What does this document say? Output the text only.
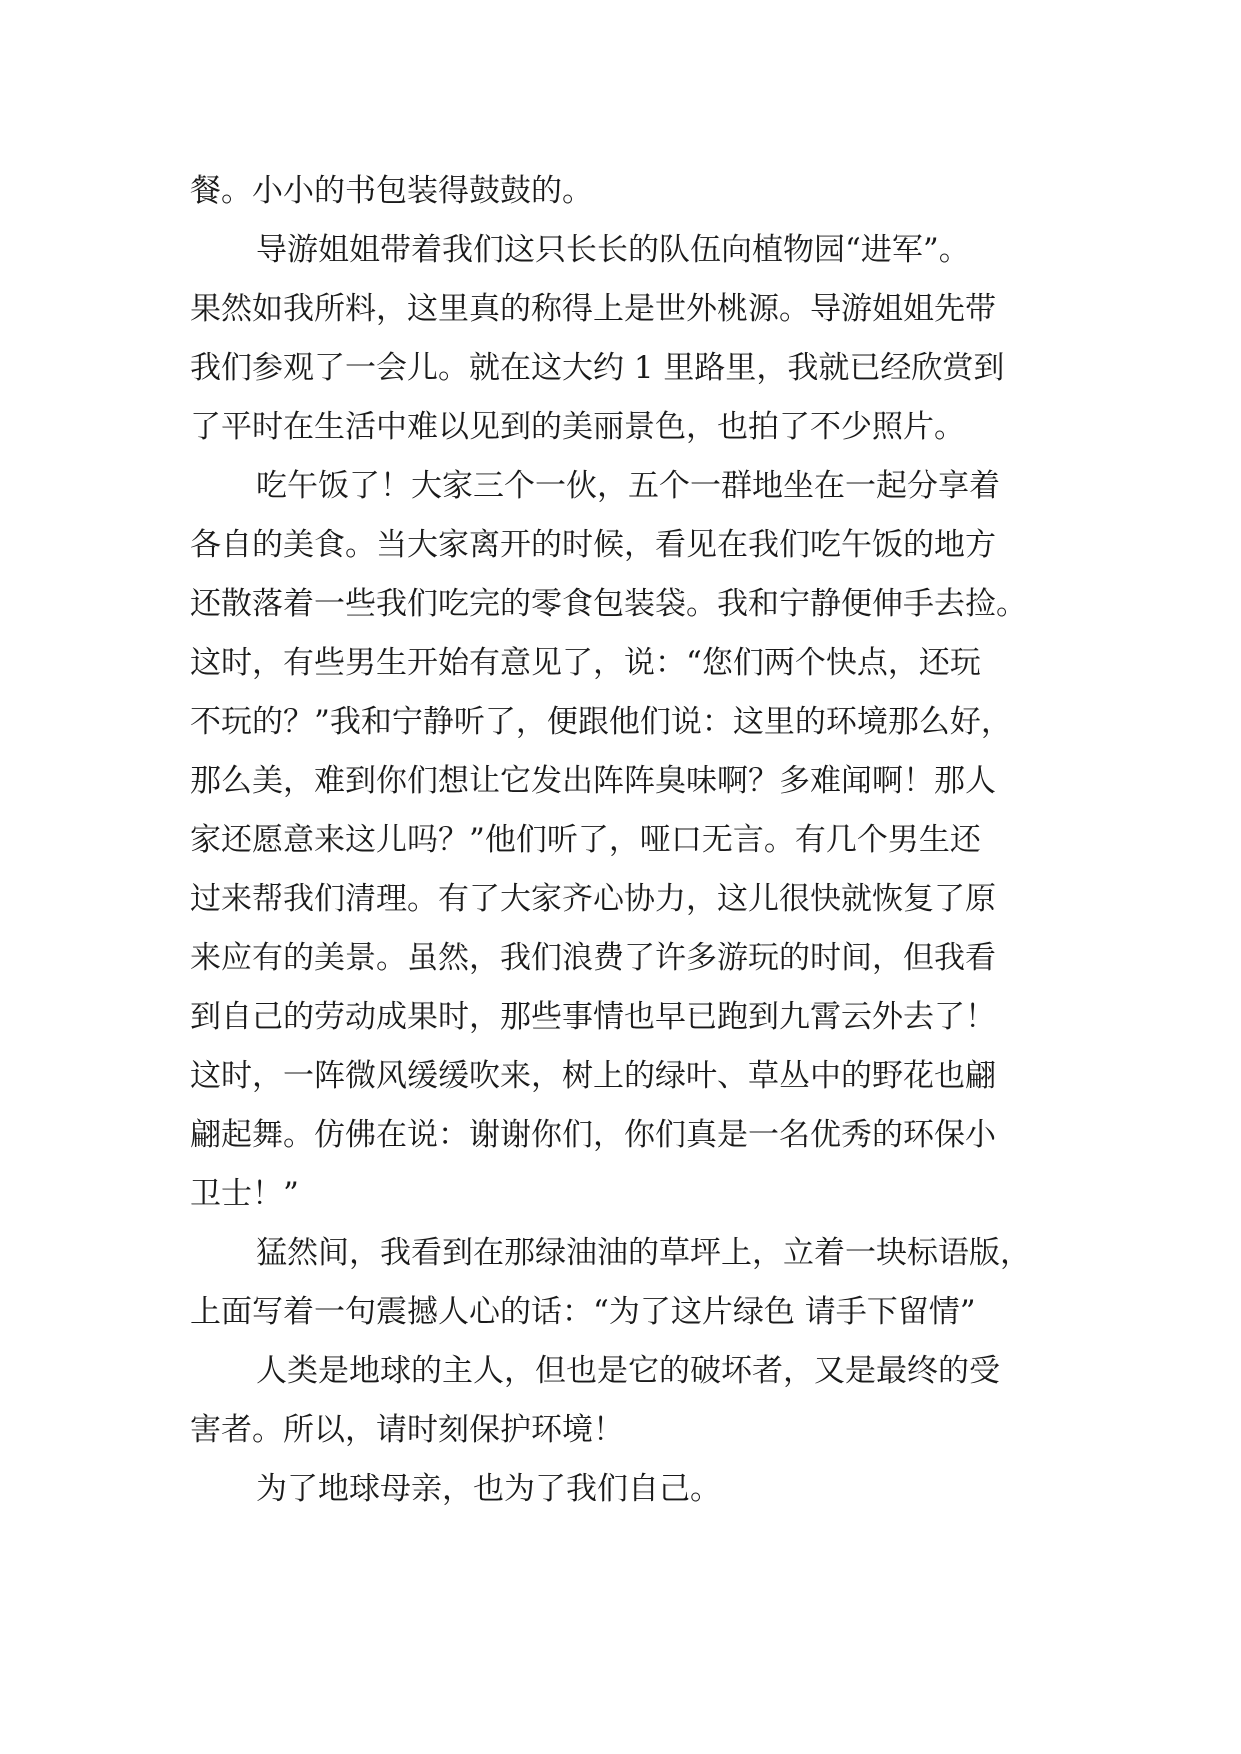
餐。小小的书包装得鼓鼓的。
导游姐姐带着我们这只长长的队伍向植物园“进军”。
果然如我所料，这里真的称得上是世外桃源。导游姐姐先带
我们参观了一会儿。就在这大约 1 里路里，我就已经欣赏到
了平时在生活中难以见到的美丽景色，也拍了不少照片。
吃午饭了！大家三个一伙，五个一群地坐在一起分享着
各自的美食。当大家离开的时候，看见在我们吃午饭的地方
还散落着一些我们吃完的零食包装袋。我和宁静便伸手去捡。
这时，有些男生开始有意见了，说：“您们两个快点，还玩
不玩的？”我和宁静听了，便跟他们说：这里的环境那么好，
那么美，难到你们想让它发出阵阵臭味啊？多难闻啊！那人
家还愿意来这儿吗？”他们听了，哑口无言。有几个男生还
过来帮我们清理。有了大家齐心协力，这儿很快就恢复了原
来应有的美景。虽然，我们浪费了许多游玩的时间，但我看
到自己的劳动成果时，那些事情也早已跑到九霄云外去了！
这时，一阵微风缓缓吹来，树上的绿叶、草丛中的野花也翩
翩起舞。仿佛在说：谢谢你们，你们真是一名优秀的环保小
卫士！”
猛然间，我看到在那绿油油的草坪上，立着一块标语版，
上面写着一句震撼人心的话：“为了这片绿色 请手下留情”
人类是地球的主人，但也是它的破坏者，又是最终的受
害者。所以，请时刻保护环境！
为了地球母亲，也为了我们自己。
